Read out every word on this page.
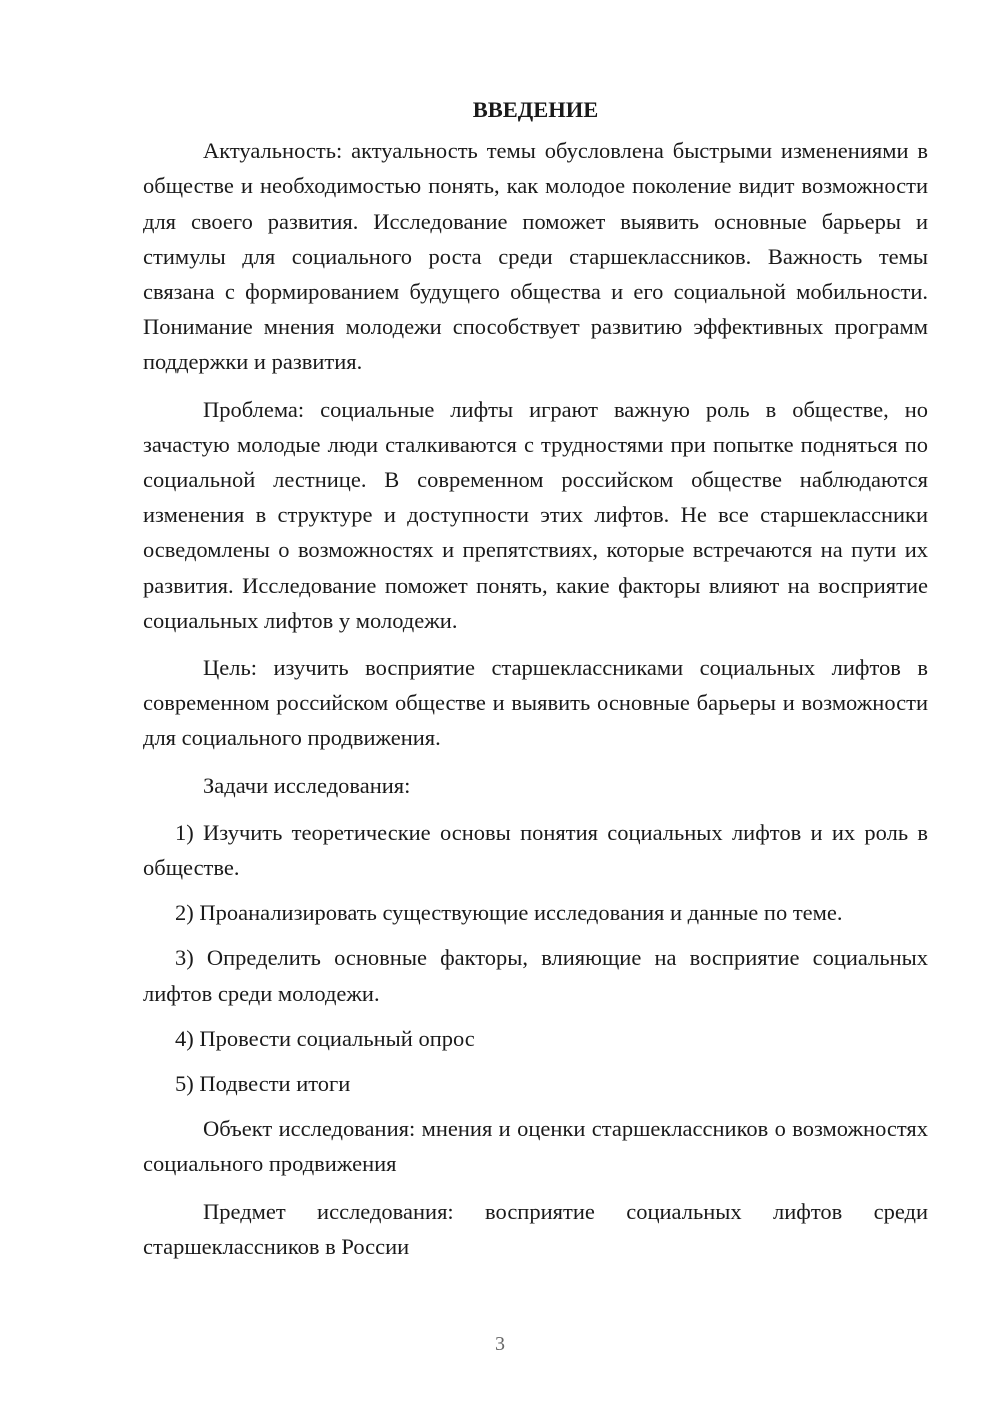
ВВЕДЕНИЕ

Актуальность: актуальность темы обусловлена быстрыми изменениями в обществе и необходимостью понять, как молодое поколение видит возможности для своего развития. Исследование поможет выявить основные барьеры и стимулы для социального роста среди старшеклассников. Важность темы связана с формированием будущего общества и его социальной мобильности. Понимание мнения молодежи способствует развитию эффективных программ поддержки и развития.

Проблема: социальные лифты играют важную роль в обществе, но зачастую молодые люди сталкиваются с трудностями при попытке подняться по социальной лестнице. В современном российском обществе наблюдаются изменения в структуре и доступности этих лифтов. Не все старшеклассники осведомлены о возможностях и препятствиях, которые встречаются на пути их развития. Исследование поможет понять, какие факторы влияют на восприятие социальных лифтов у молодежи.

Цель: изучить восприятие старшеклассниками социальных лифтов в современном российском обществе и выявить основные барьеры и возможности для социального продвижения.

Задачи исследования:

1) Изучить теоретические основы понятия социальных лифтов и их роль в обществе.

2) Проанализировать существующие исследования и данные по теме.

3) Определить основные факторы, влияющие на восприятие социальных лифтов среди молодежи.

4) Провести социальный опрос

5) Подвести итоги

Объект исследования: мнения и оценки старшеклассников о возможностях социального продвижения

Предмет исследования: восприятие социальных лифтов среди старшеклассников в России

3
